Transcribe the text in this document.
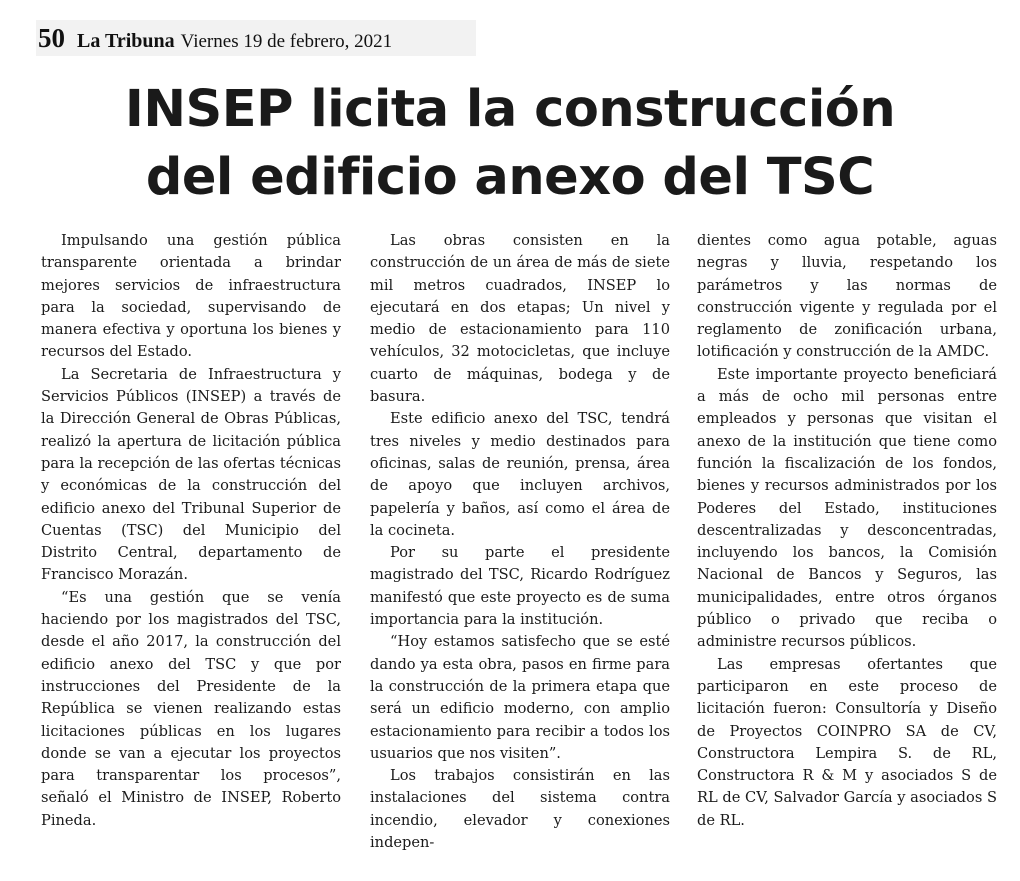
50 La Tribuna Viernes 19 de febrero, 2021
INSEP licita la construcción
del edificio anexo del TSC

Impulsando una gestión pública transparente orientada a brindar mejores servicios de infraestructura para la sociedad, supervisando de manera efectiva y oportuna los bienes y recursos del Estado.

La Secretaria de Infraestructura y Servicios Públicos (INSEP) a través de la Dirección General de Obras Públicas, realizó la apertura de licitación pública para la recepción de las ofertas técnicas y económicas de la construcción del edificio anexo del Tribunal Superior de Cuentas (TSC) del Municipio del Distrito Central, departamento de Francisco Morazán.

“Es una gestión que se venía haciendo por los magistrados del TSC, desde el año 2017, la construcción del edificio anexo del TSC y que por instrucciones del Presidente de la República se vienen realizando estas licitaciones públicas en los lugares donde se van a ejecutar los proyectos para transparentar los procesos”, señaló el Ministro de INSEP, Roberto Pineda.

Las obras consisten en la construcción de un área de más de siete mil metros cuadrados, INSEP lo ejecutará en dos etapas; Un nivel y medio de estacionamiento para 110 vehículos, 32 motocicletas, que incluye cuarto de máquinas, bodega y de basura.

Este edificio anexo del TSC, tendrá tres niveles y medio destinados para oficinas, salas de reunión, prensa, área de apoyo que incluyen archivos, papelería y baños, así como el área de la cocineta.

Por su parte el presidente magistrado del TSC, Ricardo Rodríguez manifestó que este proyecto es de suma importancia para la institución.

“Hoy estamos satisfecho que se esté dando ya esta obra, pasos en firme para la construcción de la primera etapa que será un edificio moderno, con amplio estacionamiento para recibir a todos los usuarios que nos visiten”.

Los trabajos consistirán en las instalaciones del sistema contra incendio, elevador y conexiones indepen-

dientes como agua potable, aguas negras y lluvia, respetando los parámetros y las normas de construcción vigente y regulada por el reglamento de zonificación urbana, lotificación y construcción de la AMDC.

Este importante proyecto beneficiará a más de ocho mil personas entre empleados y personas que visitan el anexo de la institución que tiene como función la fiscalización de los fondos, bienes y recursos administrados por los Poderes del Estado, instituciones descentralizadas y desconcentradas, incluyendo los bancos, la Comisión Nacional de Bancos y Seguros, las municipalidades, entre otros órganos público o privado que reciba o administre recursos públicos.

Las empresas ofertantes que participaron en este proceso de licitación fueron: Consultoría y Diseño de Proyectos COINPRO SA de CV, Constructora Lempira S. de RL, Constructora R & M y asociados S de RL de CV, Salvador García y asociados S de RL.
